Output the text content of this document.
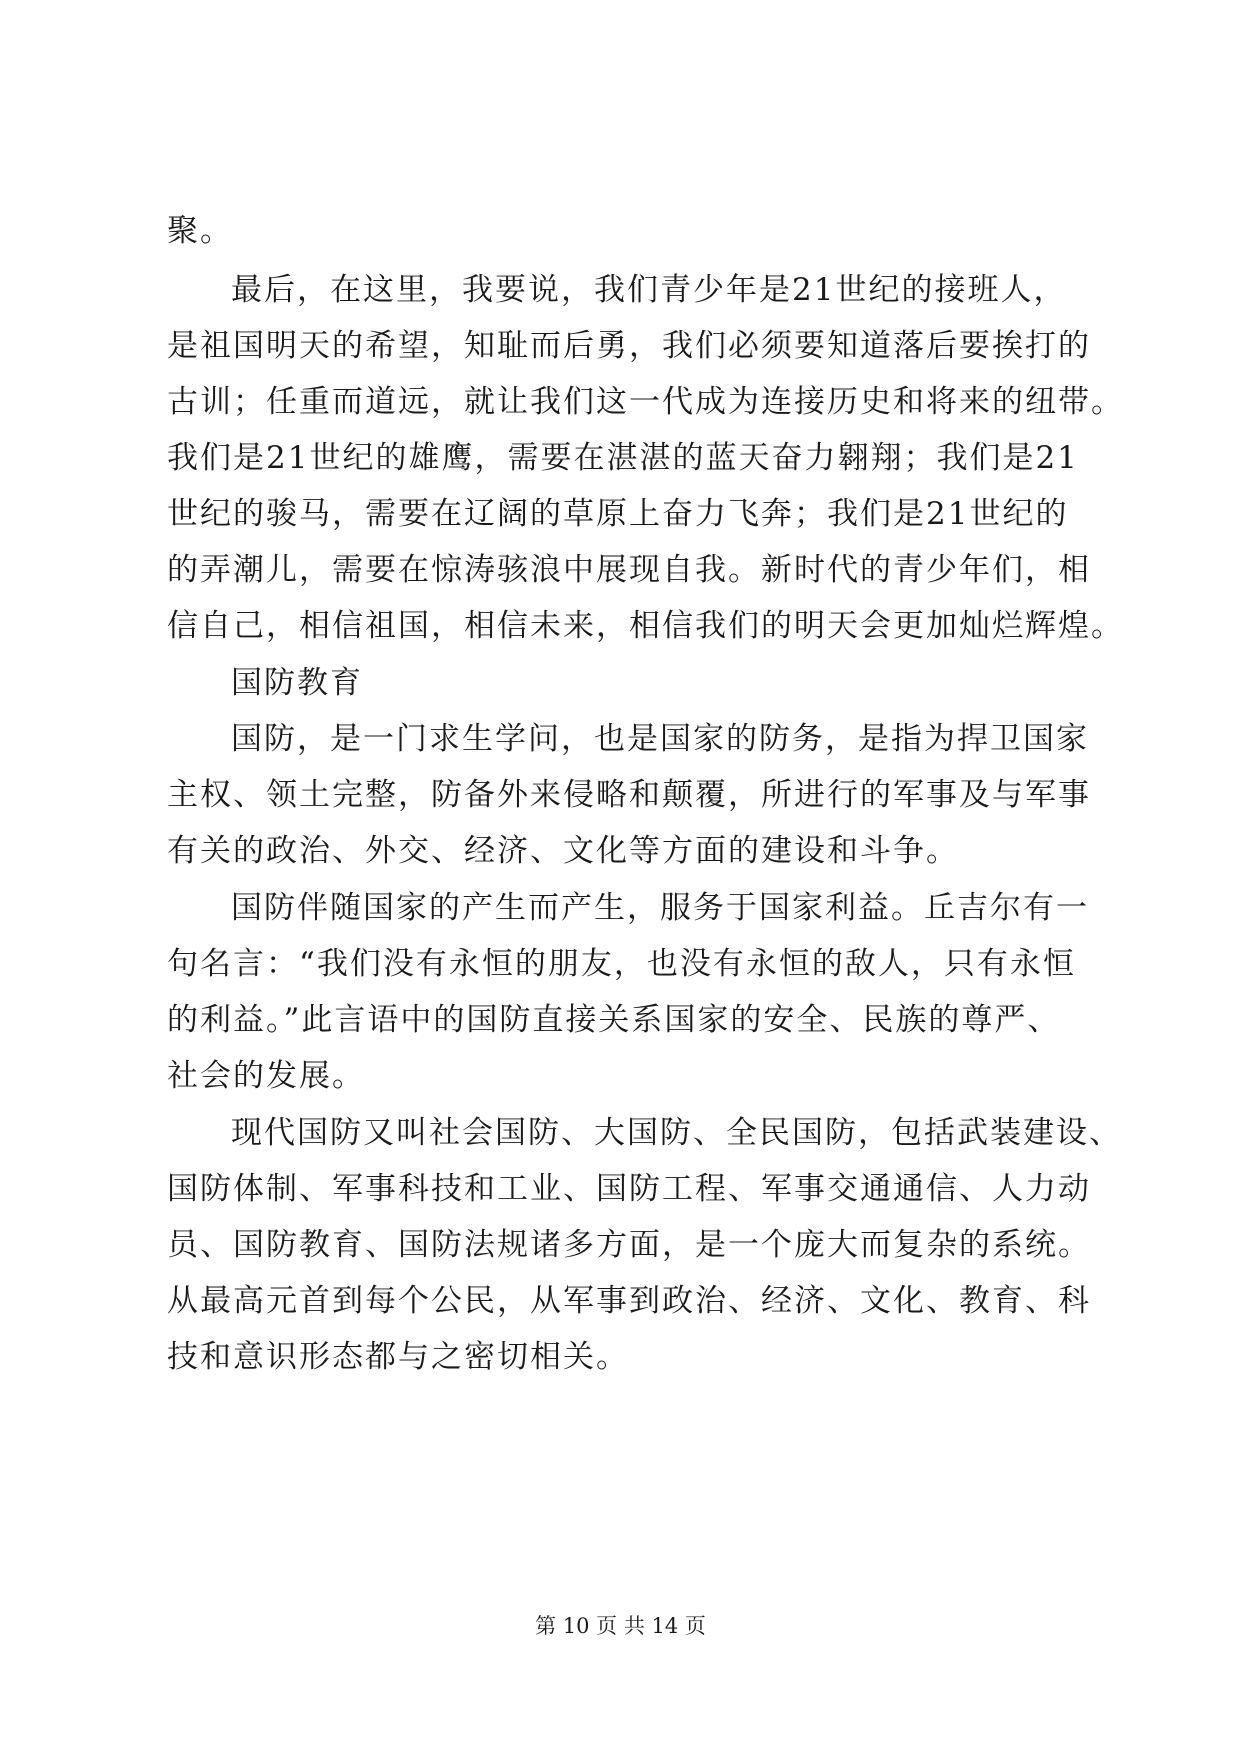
聚。
最后，在这里，我要说，我们青少年是21世纪的接班人，
是祖国明天的希望，知耻而后勇，我们必须要知道落后要挨打的
古训；任重而道远，就让我们这一代成为连接历史和将来的纽带。
我们是21世纪的雄鹰，需要在湛湛的蓝天奋力翱翔；我们是21
世纪的骏马，需要在辽阔的草原上奋力飞奔；我们是21世纪的
的弄潮儿，需要在惊涛骇浪中展现自我。新时代的青少年们，相
信自己，相信祖国，相信未来，相信我们的明天会更加灿烂辉煌。
国防教育
国防，是一门求生学问，也是国家的防务，是指为捍卫国家
主权、领土完整，防备外来侵略和颠覆，所进行的军事及与军事
有关的政治、外交、经济、文化等方面的建设和斗争。
国防伴随国家的产生而产生，服务于国家利益。丘吉尔有一
句名言：“我们没有永恒的朋友，也没有永恒的敌人，只有永恒
的利益。”此言语中的国防直接关系国家的安全、民族的尊严、
社会的发展。
现代国防又叫社会国防、大国防、全民国防，包括武装建设、
国防体制、军事科技和工业、国防工程、军事交通通信、人力动
员、国防教育、国防法规诸多方面，是一个庞大而复杂的系统。
从最高元首到每个公民，从军事到政治、经济、文化、教育、科
技和意识形态都与之密切相关。
第 10 页 共 14 页
